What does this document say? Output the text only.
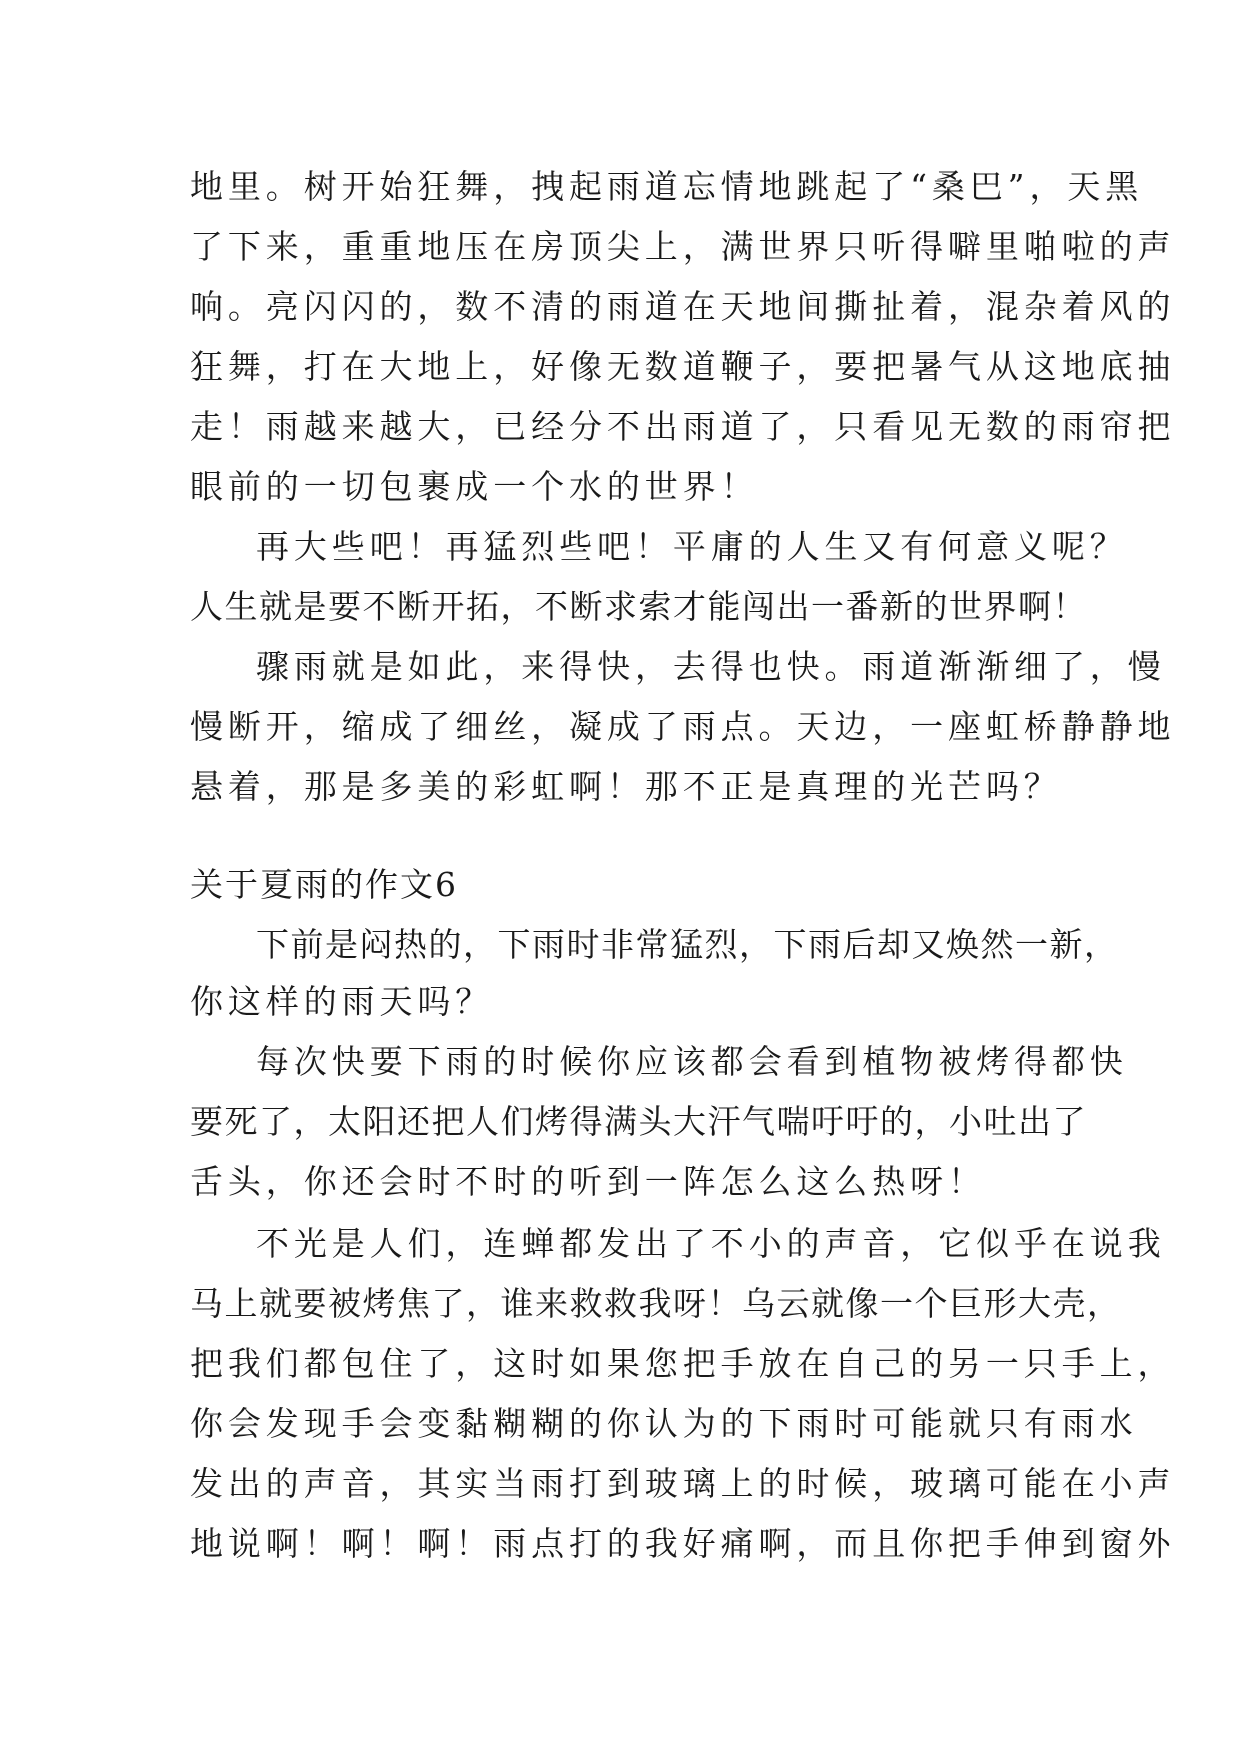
地里。树开始狂舞，拽起雨道忘情地跳起了“桑巴”，天黑
了下来，重重地压在房顶尖上，满世界只听得噼里啪啦的声
响。亮闪闪的，数不清的雨道在天地间撕扯着，混杂着风的
狂舞，打在大地上，好像无数道鞭子，要把暑气从这地底抽
走！雨越来越大，已经分不出雨道了，只看见无数的雨帘把
眼前的一切包裹成一个水的世界！
再大些吧！再猛烈些吧！平庸的人生又有何意义呢？
人生就是要不断开拓，不断求索才能闯出一番新的世界啊！
骤雨就是如此，来得快，去得也快。雨道渐渐细了，慢
慢断开，缩成了细丝，凝成了雨点。天边，一座虹桥静静地
悬着，那是多美的彩虹啊！那不正是真理的光芒吗？
关于夏雨的作文6
下前是闷热的，下雨时非常猛烈，下雨后却又焕然一新，
你这样的雨天吗？
每次快要下雨的时候你应该都会看到植物被烤得都快
要死了，太阳还把人们烤得满头大汗气喘吁吁的，小吐出了
舌头，你还会时不时的听到一阵怎么这么热呀！
不光是人们，连蝉都发出了不小的声音，它似乎在说我
马上就要被烤焦了，谁来救救我呀！乌云就像一个巨形大壳，
把我们都包住了，这时如果您把手放在自己的另一只手上，
你会发现手会变黏糊糊的你认为的下雨时可能就只有雨水
发出的声音，其实当雨打到玻璃上的时候，玻璃可能在小声
地说啊！啊！啊！雨点打的我好痛啊，而且你把手伸到窗外
